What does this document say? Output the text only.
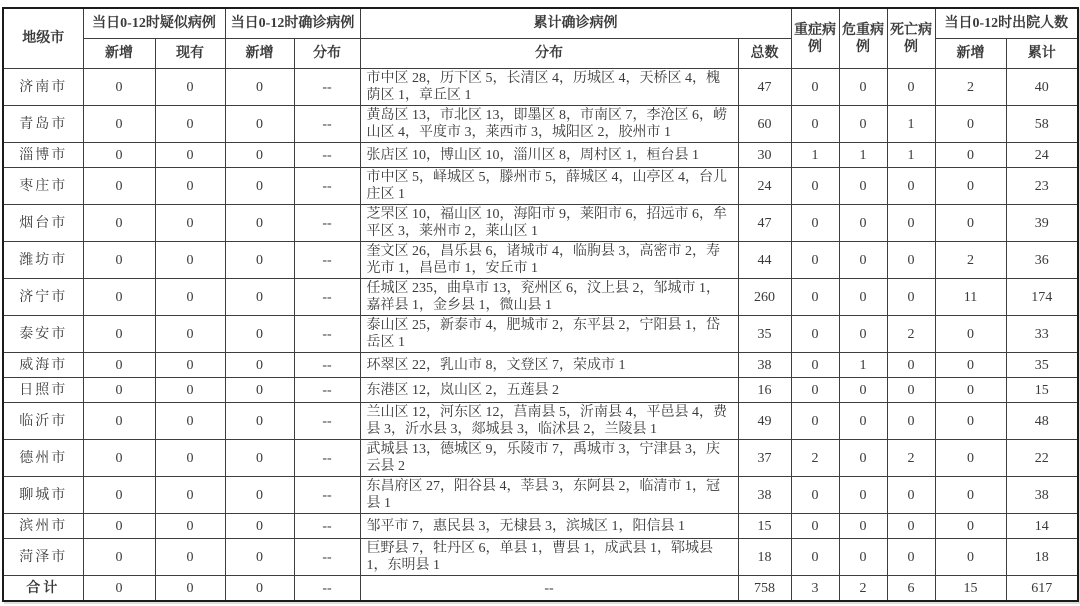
地级市	当日0-12时疑似病例		当日0-12时确诊病例		累计确诊病例		重症病例	危重病例	死亡病例	当日0-12时出院人数	
	新增	现有	新增	分布	分布	总数				新增	累计
济南市	0	0	0	--	市中区 28，历下区 5，长清区 4，历城区 4，天桥区 4，槐荫区 1，章丘区 1	47	0	0	0	2	40
青岛市	0	0	0	--	黄岛区 13，市北区 13，即墨区 8，市南区 7，李沧区 6，崂山区 4，平度市 3，莱西市 3，城阳区 2，胶州市 1	60	0	0	1	0	58
淄博市	0	0	0	--	张店区 10，博山区 10，淄川区 8，周村区 1，桓台县 1	30	1	1	1	0	24
枣庄市	0	0	0	--	市中区 5，峄城区 5，滕州市 5，薛城区 4，山亭区 4，台儿庄区 1	24	0	0	0	0	23
烟台市	0	0	0	--	芝罘区 10，福山区 10，海阳市 9，莱阳市 6，招远市 6，牟平区 3，莱州市 2，莱山区 1	47	0	0	0	0	39
潍坊市	0	0	0	--	奎文区 26，昌乐县 6，诸城市 4，临朐县 3，高密市 2，寿光市 1，昌邑市 1，安丘市 1	44	0	0	0	2	36
济宁市	0	0	0	--	任城区 235，曲阜市 13，兖州区 6，汶上县 2，邹城市 1，嘉祥县 1，金乡县 1，微山县 1	260	0	0	0	11	174
泰安市	0	0	0	--	泰山区 25，新泰市 4，肥城市 2，东平县 2，宁阳县 1，岱岳区 1	35	0	0	2	0	33
威海市	0	0	0	--	环翠区 22，乳山市 8，文登区 7，荣成市 1	38	0	1	0	0	35
日照市	0	0	0	--	东港区 12，岚山区 2，五莲县 2	16	0	0	0	0	15
临沂市	0	0	0	--	兰山区 12，河东区 12，莒南县 5，沂南县 4，平邑县 4，费县 3，沂水县 3，郯城县 3，临沭县 2，兰陵县 1	49	0	0	0	0	48
德州市	0	0	0	--	武城县 13，德城区 9，乐陵市 7，禹城市 3，宁津县 3，庆云县 2	37	2	0	2	0	22
聊城市	0	0	0	--	东昌府区 27，阳谷县 4，莘县 3，东阿县 2，临清市 1，冠县 1	38	0	0	0	0	38
滨州市	0	0	0	--	邹平市 7，惠民县 3，无棣县 3，滨城区 1，阳信县 1	15	0	0	0	0	14
菏泽市	0	0	0	--	巨野县 7，牡丹区 6，单县 1，曹县 1，成武县 1，郓城县 1，东明县 1	18	0	0	0	0	18
合计	0	0	0	--	--	758	3	2	6	15	617
